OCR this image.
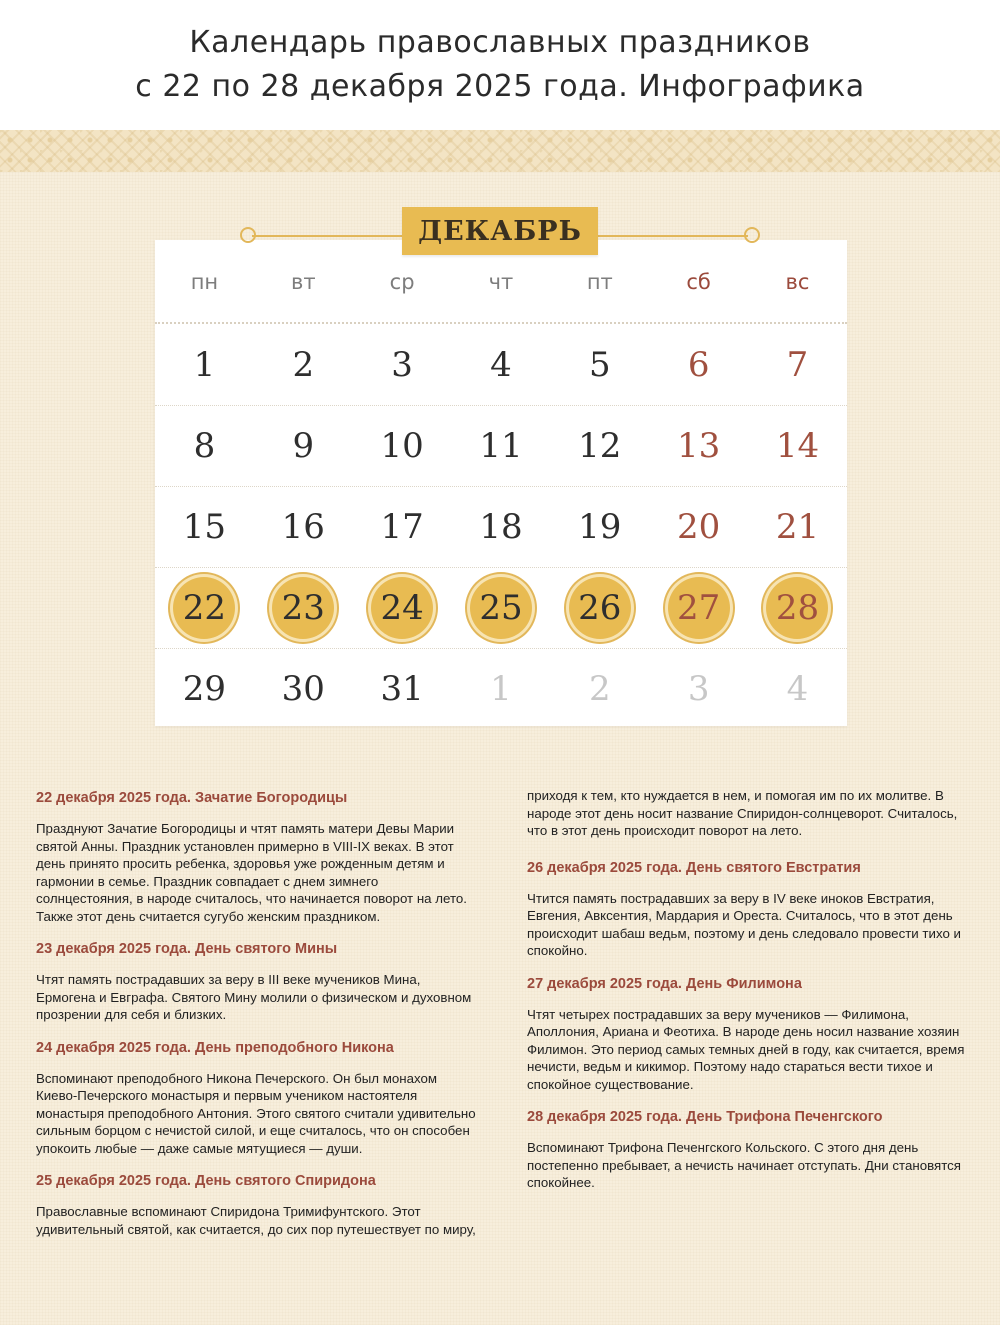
Календарь православных праздников
с 22 по 28 декабря 2025 года. Инфографика
пн	вт	ср	чт	пт	сб	вс
1 2 3 4 5 6 7
8 9 10 11 12 13 14
15 16 17 18 19 20 21
22 23 24 25 26 27 28
29 30 31 1 2 3 4
ДЕКАБРЬ

22 декабря 2025 года. Зачатие Богородицы

Празднуют Зачатие Богородицы и чтят память матери Девы Марии святой Анны. Праздник установлен примерно в VIII-IX веках. В этот день принято просить ребенка, здоровья уже рожденным детям и гармонии в семье. Праздник совпадает с днем зимнего солнцестояния, в народе считалось, что начинается поворот на лето. Также этот день считается сугубо женским праздником.

23 декабря 2025 года. День святого Мины

Чтят память пострадавших за веру в III веке мучеников Мина, Ермогена и Евграфа. Святого Мину молили о физическом и духовном прозрении для себя и близких.

24 декабря 2025 года. День преподобного Никона

Вспоминают преподобного Никона Печерского. Он был монахом Киево-Печерского монастыря и первым учеником настоятеля монастыря преподобного Антония. Этого святого считали удивительно сильным борцом с нечистой силой, и еще считалось, что он способен упокоить любые — даже самые мятущиеся — души.

25 декабря 2025 года. День святого Спиридона

Православные вспоминают Спиридона Тримифунтского. Этот удивительный святой, как считается, до сих пор путешествует по миру,

приходя к тем, кто нуждается в нем, и помогая им по их молитве. В народе этот день носит название Спиридон-солнцеворот. Считалось, что в этот день происходит поворот на лето.

26 декабря 2025 года. День святого Евстратия

Чтится память пострадавших за веру в IV веке иноков Евстратия, Евгения, Авксентия, Мардария и Ореста. Считалось, что в этот день происходит шабаш ведьм, поэтому и день следовало провести тихо и спокойно.

27 декабря 2025 года. День Филимона

Чтят четырех пострадавших за веру мучеников — Филимона, Аполлония, Ариана и Феотиха. В народе день носил название хозяин Филимон. Это период самых темных дней в году, как считается, время нечисти, ведьм и кикимор. Поэтому надо стараться вести тихое и спокойное существование.

28 декабря 2025 года. День Трифона Печенгского

Вспоминают Трифона Печенгского Кольского. С этого дня день постепенно пребывает, а нечисть начинает отступать. Дни становятся спокойнее.
